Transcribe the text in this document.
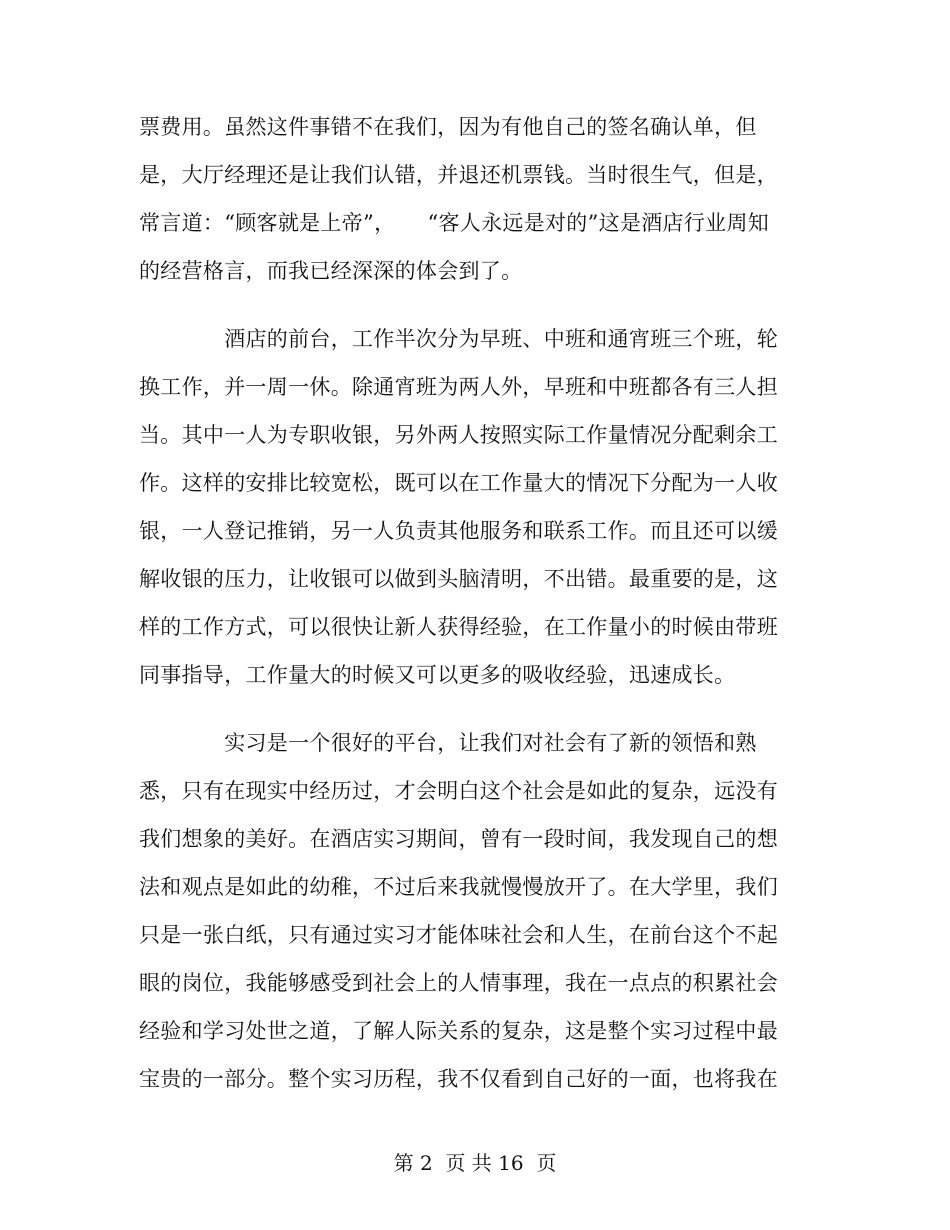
票费用。虽然这件事错不在我们，因为有他自己的签名确认单，但
是，大厅经理还是让我们认错，并退还机票钱。当时很生气，但是，
常言道：“顾客就是上帝”，　　“客人永远是对的”这是酒店行业周知
的经营格言，而我已经深深的体会到了。
　　　　酒店的前台，工作半次分为早班、中班和通宵班三个班，轮
换工作，并一周一休。除通宵班为两人外，早班和中班都各有三人担
当。其中一人为专职收银，另外两人按照实际工作量情况分配剩余工
作。这样的安排比较宽松，既可以在工作量大的情况下分配为一人收
银，一人登记推销，另一人负责其他服务和联系工作。而且还可以缓
解收银的压力，让收银可以做到头脑清明，不出错。最重要的是，这
样的工作方式，可以很快让新人获得经验，在工作量小的时候由带班
同事指导，工作量大的时候又可以更多的吸收经验，迅速成长。
　　　　实习是一个很好的平台，让我们对社会有了新的领悟和熟
悉，只有在现实中经历过，才会明白这个社会是如此的复杂，远没有
我们想象的美好。在酒店实习期间，曾有一段时间，我发现自己的想
法和观点是如此的幼稚，不过后来我就慢慢放开了。在大学里，我们
只是一张白纸，只有通过实习才能体味社会和人生，在前台这个不起
眼的岗位，我能够感受到社会上的人情事理，我在一点点的积累社会
经验和学习处世之道，了解人际关系的复杂，这是整个实习过程中最
宝贵的一部分。整个实习历程，我不仅看到自己好的一面，也将我在
第 2  页 共 16  页
